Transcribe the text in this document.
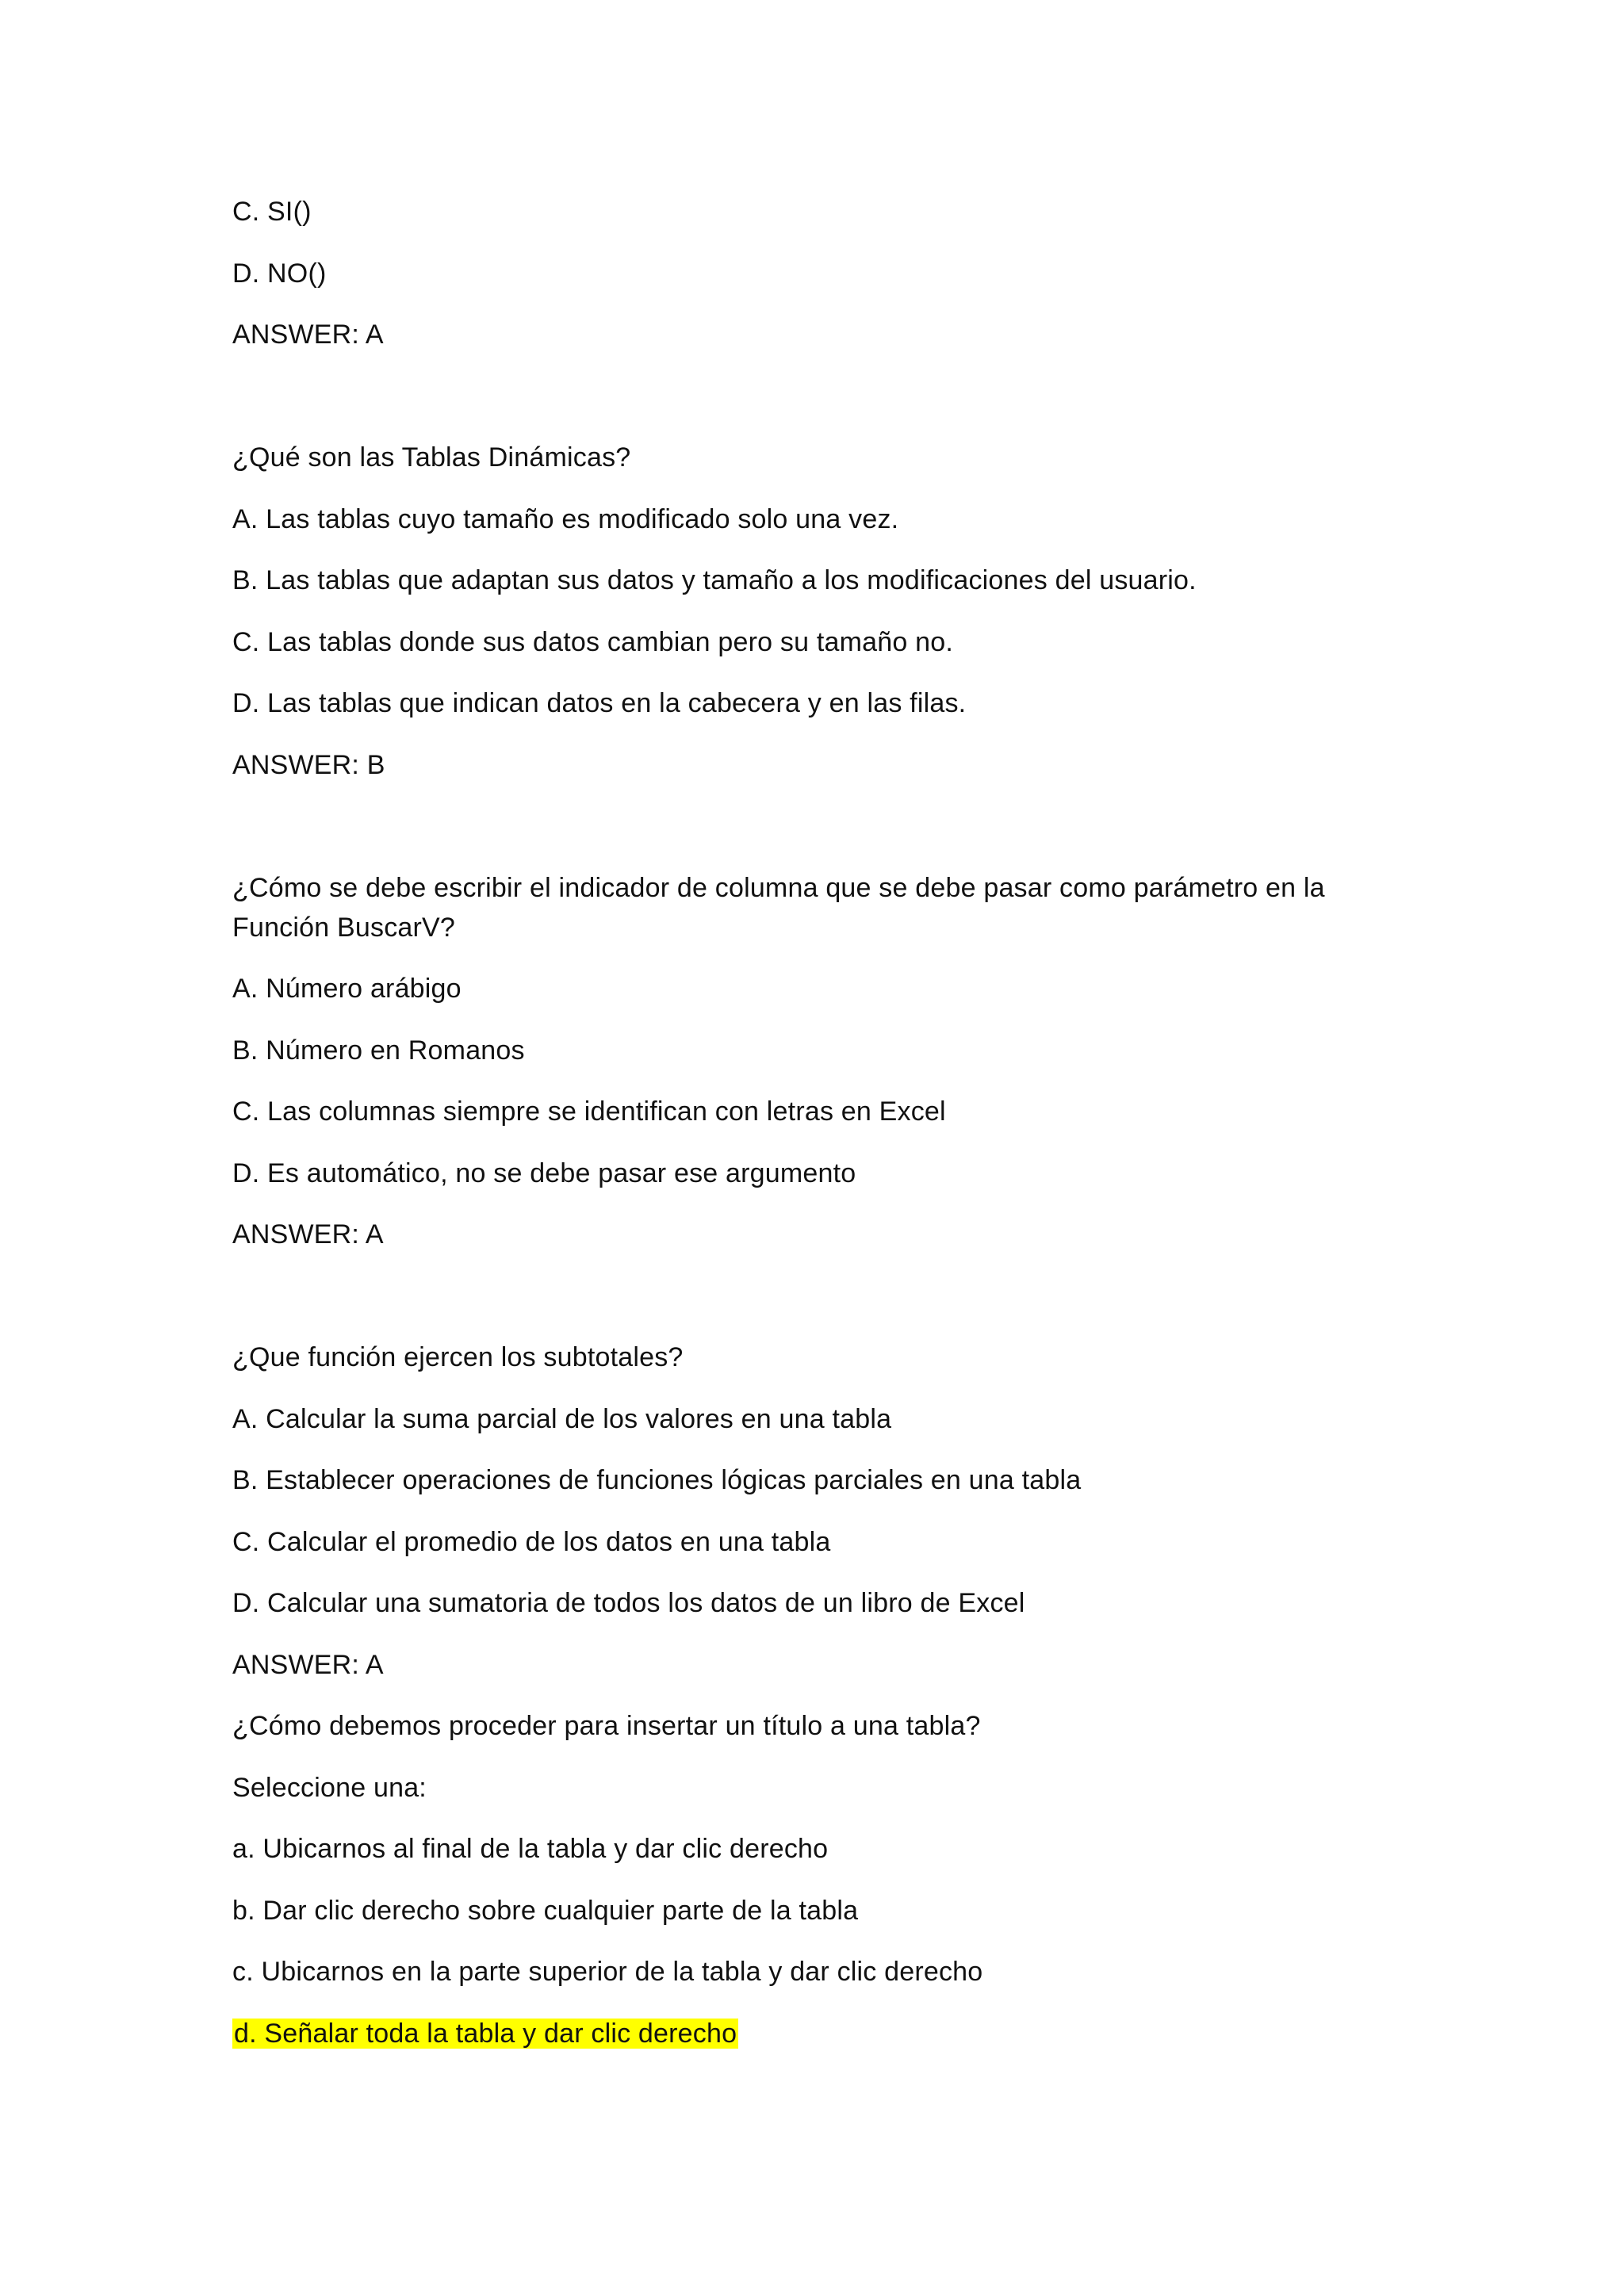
C. SI()
D. NO()
ANSWER: A
¿Qué son las Tablas Dinámicas?
A. Las tablas cuyo tamaño es modificado solo una vez.
B. Las tablas que adaptan sus datos y tamaño a los modificaciones del usuario.
C. Las tablas donde sus datos cambian pero su tamaño no.
D. Las tablas que indican datos en la cabecera y en las filas.
ANSWER: B
¿Cómo se debe escribir el indicador de columna que se debe pasar como parámetro en la
Función BuscarV?
A. Número arábigo
B. Número en Romanos
C. Las columnas siempre se identifican con letras en Excel
D. Es automático, no se debe pasar ese argumento
ANSWER: A
¿Que función ejercen los subtotales?
A. Calcular la suma parcial de los valores en una tabla
B. Establecer operaciones de funciones lógicas parciales en una tabla
C. Calcular el promedio de los datos en una tabla
D. Calcular una sumatoria de todos los datos de un libro de Excel
ANSWER: A
¿Cómo debemos proceder para insertar un título a una tabla?
Seleccione una:
a. Ubicarnos al final de la tabla y dar clic derecho
b. Dar clic derecho sobre cualquier parte de la tabla
c. Ubicarnos en la parte superior de la tabla y dar clic derecho
d. Señalar toda la tabla y dar clic derecho
